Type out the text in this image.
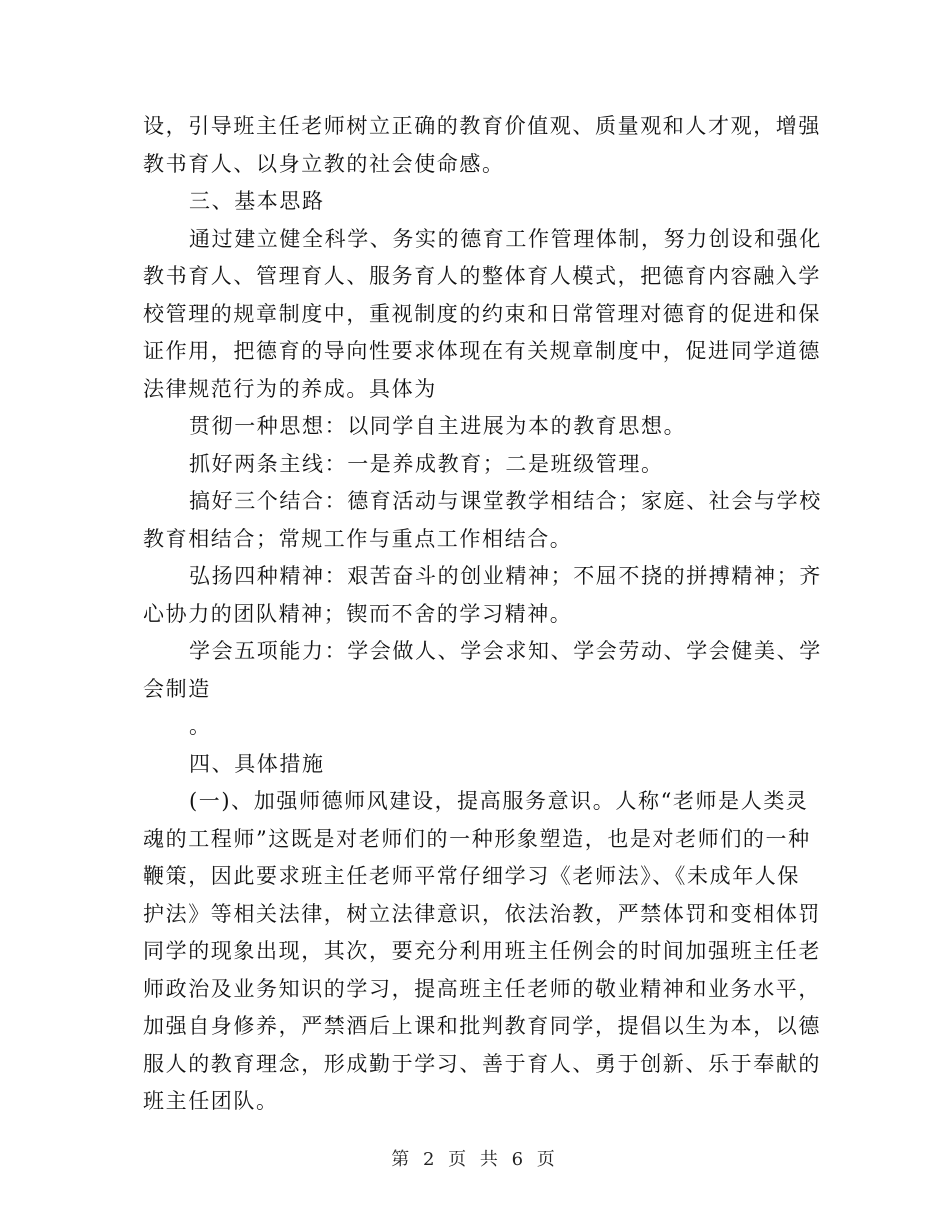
设，引导班主任老师树立正确的教育价值观、质量观和人才观，增强
教书育人、以身立教的社会使命感。
三、基本思路
通过建立健全科学、务实的德育工作管理体制，努力创设和强化
教书育人、管理育人、服务育人的整体育人模式，把德育内容融入学
校管理的规章制度中，重视制度的约束和日常管理对德育的促进和保
证作用，把德育的导向性要求体现在有关规章制度中，促进同学道德
法律规范行为的养成。具体为
贯彻一种思想：以同学自主进展为本的教育思想。
抓好两条主线：一是养成教育；二是班级管理。
搞好三个结合：德育活动与课堂教学相结合；家庭、社会与学校
教育相结合；常规工作与重点工作相结合。
弘扬四种精神：艰苦奋斗的创业精神；不屈不挠的拼搏精神；齐
心协力的团队精神；锲而不舍的学习精神。
学会五项能力：学会做人、学会求知、学会劳动、学会健美、学
会制造
。
四、具体措施
(一)、加强师德师风建设，提高服务意识。人称“老师是人类灵
魂的工程师”这既是对老师们的一种形象塑造，也是对老师们的一种
鞭策，因此要求班主任老师平常仔细学习《老师法》、《未成年人保
护法》等相关法律，树立法律意识，依法治教，严禁体罚和变相体罚
同学的现象出现，其次，要充分利用班主任例会的时间加强班主任老
师政治及业务知识的学习，提高班主任老师的敬业精神和业务水平，
加强自身修养，严禁酒后上课和批判教育同学，提倡以生为本，以德
服人的教育理念，形成勤于学习、善于育人、勇于创新、乐于奉献的
班主任团队。
第 2 页 共 6 页
